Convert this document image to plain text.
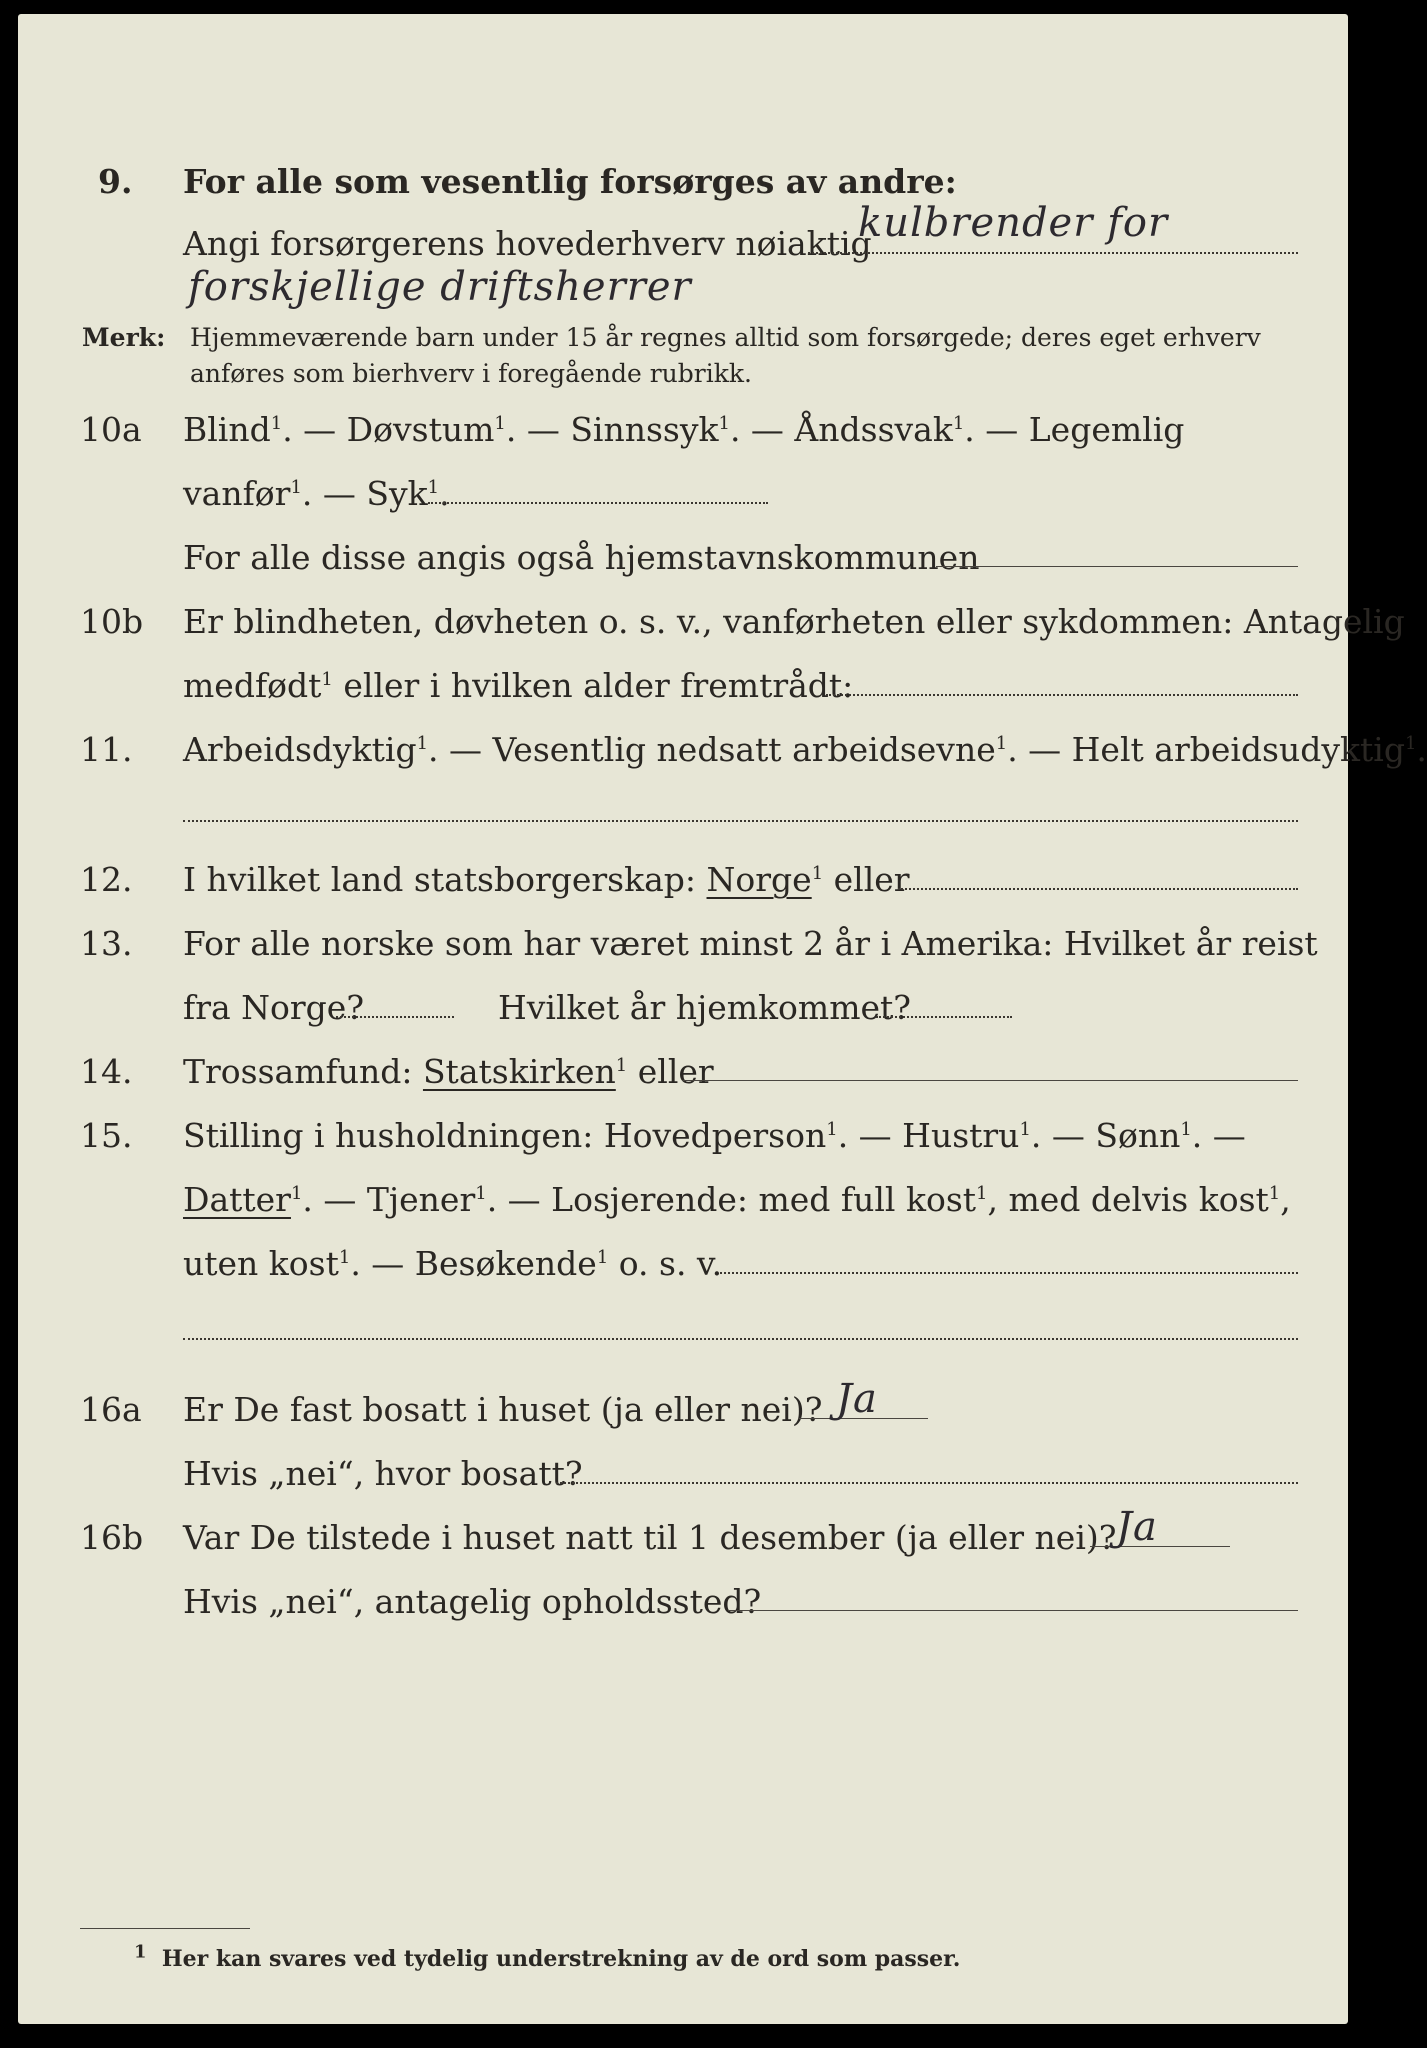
9. For alle som vesentlig forsørges av andre:
Angi forsørgerens hovederhverv nøiaktig
kulbrender for
forskjellige driftsherrer
Merk: Hjemmeværende barn under 15 år regnes alltid som forsørgede; deres eget erhverv
anføres som bierhverv i foregående rubrikk.
10a Blind$^1$. — Døvstum$^1$. — Sinnssyk$^1$. — Åndssvak$^1$. — Legemlig
vanfør$^1$. — Syk$^1$.
For alle disse angis også hjemstavnskommunen
10b Er blindheten, døvheten o. s. v., vanførheten eller sykdommen: Antagelig
medfødt$^1$ eller i hvilken alder fremtrådt:
11. Arbeidsdyktig$^1$. — Vesentlig nedsatt arbeidsevne$^1$. — Helt arbeidsudyktig$^1$.
12. I hvilket land statsborgerskap: Norge$^1$ eller
13. For alle norske som har været minst 2 år i Amerika: Hvilket år reist
fra Norge?	Hvilket år hjemkommet?
14. Trossamfund: Statskirken$^1$ eller
15. Stilling i husholdningen: Hovedperson$^1$. — Hustru$^1$. — Sønn$^1$. —
Datter$^1$. — Tjener$^1$. — Losjerende: med full kost$^1$, med delvis kost$^1$,
uten kost$^1$. — Besøkende$^1$ o. s. v.
16a Er De fast bosatt i huset (ja eller nei)? Ja
Hvis „nei“, hvor bosatt?
16b Var De tilstede i huset natt til 1 desember (ja eller nei)? Ja
Hvis „nei“, antagelig opholdssted?
$^1$ Her kan svares ved tydelig understrekning av de ord som passer.
